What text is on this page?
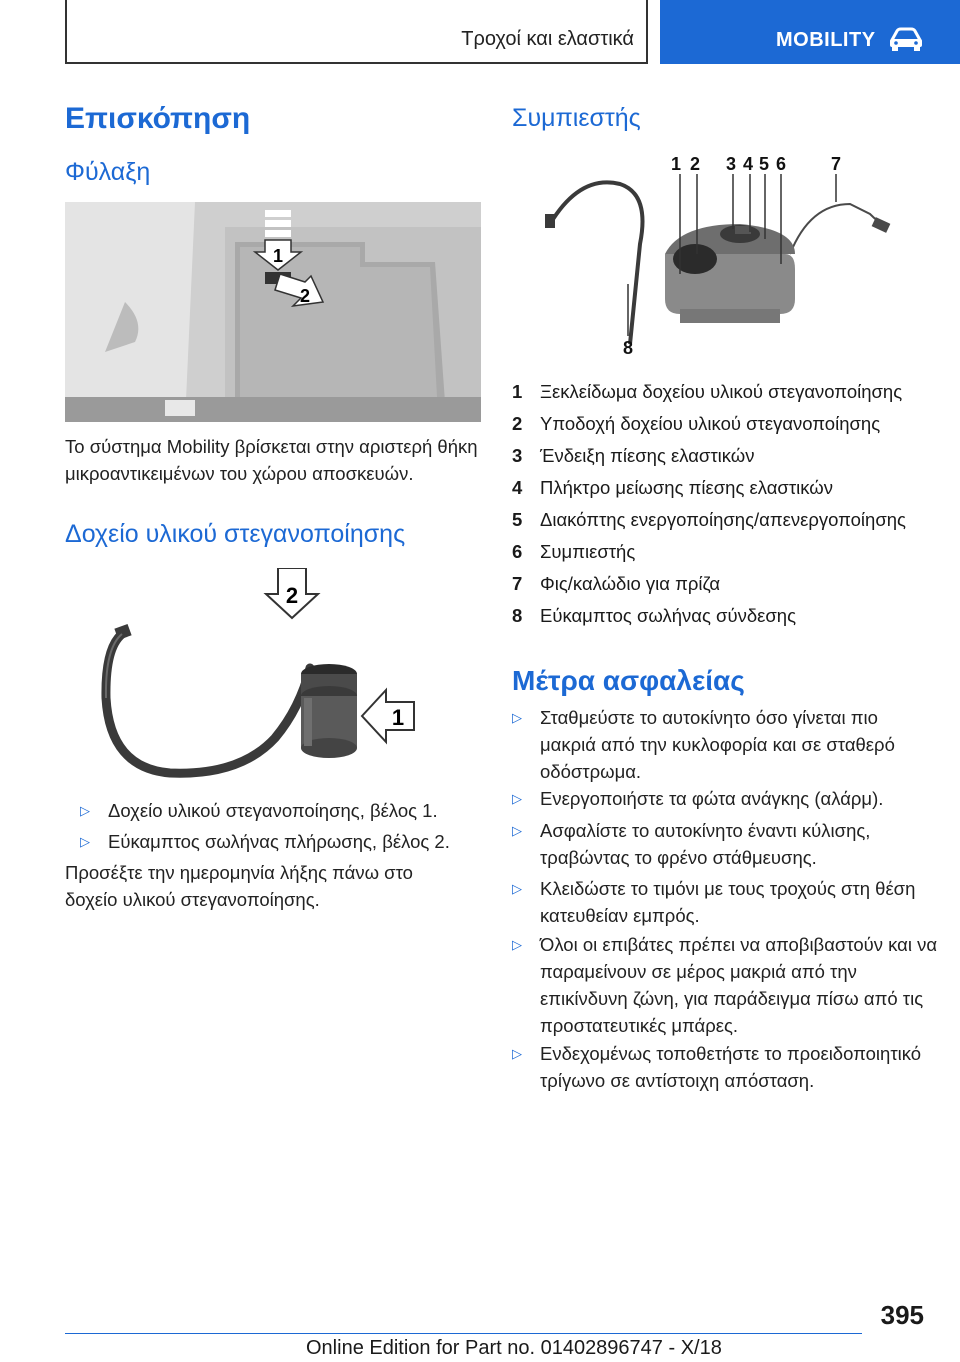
Τροχοί και ελαστικά	MOBILITY
Επισκόπηση
Φύλαξη
1
2
Το σύστημα Mobility βρίσκεται στην αριστερή θήκη μικροαντικειμένων του χώρου αποσκευών.
Δοχείο υλικού στεγανοποίησης
2
1
▷ Δοχείο υλικού στεγανοποίησης, βέλος 1.
▷ Εύκαμπτος σωλήνας πλήρωσης, βέλος 2.
Προσέξτε την ημερομηνία λήξης πάνω στο δοχείο υλικού στεγανοποίησης.
Συμπιεστής
1 2 3 4 5 6 7
8
1 Ξεκλείδωμα δοχείου υλικού στεγανοποίησης
2 Υποδοχή δοχείου υλικού στεγανοποίησης
3 Ένδειξη πίεσης ελαστικών
4 Πλήκτρο μείωσης πίεσης ελαστικών
5 Διακόπτης ενεργοποίησης/απενεργοποίησης
6 Συμπιεστής
7 Φις/καλώδιο για πρίζα
8 Εύκαμπτος σωλήνας σύνδεσης
Μέτρα ασφαλείας
▷ Σταθμεύστε το αυτοκίνητο όσο γίνεται πιο μακριά από την κυκλοφορία και σε σταθερό οδόστρωμα.
▷ Ενεργοποιήστε τα φώτα ανάγκης (αλάρμ).
▷ Ασφαλίστε το αυτοκίνητο έναντι κύλισης, τραβώντας το φρένο στάθμευσης.
▷ Κλειδώστε το τιμόνι με τους τροχούς στη θέση κατευθείαν εμπρός.
▷ Όλοι οι επιβάτες πρέπει να αποβιβαστούν και να παραμείνουν σε μέρος μακριά από την επικίνδυνη ζώνη, για παράδειγμα πίσω από τις προστατευτικές μπάρες.
▷ Ενδεχομένως τοποθετήστε το προειδοποιητικό τρίγωνο σε αντίστοιχη απόσταση.
395
Online Edition for Part no. 01402896747 - X/18
